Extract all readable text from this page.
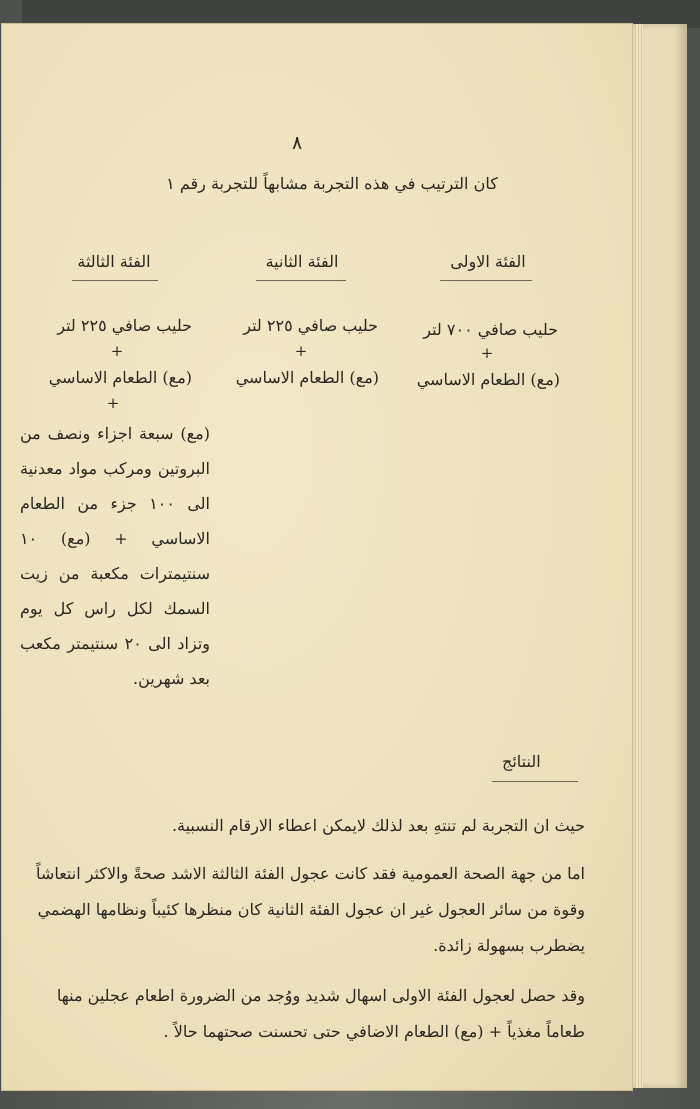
٨
كان الترتيب في هذه التجربة مشابهاً للتجربة رقم ١
الفئة الاولى
الفئة الثانية
الفئة الثالثة
حليب صافي ٧٠٠ لتر
+
(مع) الطعام الاساسي
حليب صافي ٢٢٥ لتر
+
(مع) الطعام الاساسي
حليب صافي ٢٢٥ لتر
+
(مع) الطعام الاساسي
+
(مع) سبعة اجزاء ونصف من البروتين ومركب مواد معدنية الى ١٠٠ جزء من الطعام الاساسي + (مع) ١٠ سنتيمترات مكعبة من زيت السمك لكل راس كل يوم وتزاد الى ٢٠ سنتيمتر مكعب بعد شهرين.
النتائج
حيث ان التجربة لم تنتهِ بعد لذلك لايمكن اعطاء الارقام النسبية.
اما من جهة الصحة العمومية فقد كانت عجول الفئة الثالثة الاشد صحةً والاكثر انتعاشاً وقوة من سائر العجول غير ان عجول الفئة الثانية كان منظرها كئيباً ونظامها الهضمي يضطرب بسهولة زائدة.
وقد حصل لعجول الفئة الاولى اسهال شديد ووُجد من الضرورة اطعام عجلين منها طعاماً مغذياً + (مع) الطعام الاضافي حتى تحسنت صحتهما حالاً .
